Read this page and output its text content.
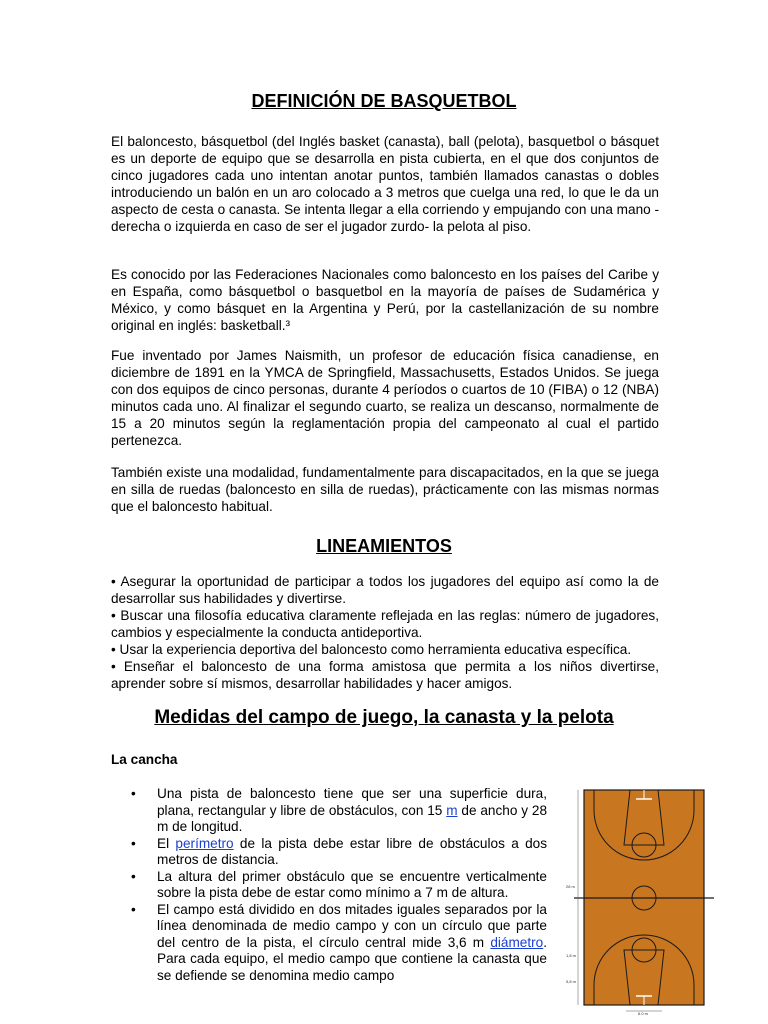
DEFINICIÓN DE BASQUETBOL

El baloncesto, básquetbol (del Inglés basket (canasta), ball (pelota), basquetbol o básquet es un deporte de equipo que se desarrolla en pista cubierta, en el que dos conjuntos de cinco jugadores cada uno intentan anotar puntos, también llamados canastas o dobles introduciendo un balón en un aro colocado a 3 metros que cuelga una red, lo que le da un aspecto de cesta o canasta. Se intenta llegar a ella corriendo y empujando con una mano -derecha o izquierda en caso de ser el jugador zurdo- la pelota al piso.

Es conocido por las Federaciones Nacionales como baloncesto en los países del Caribe y en España, como básquetbol o basquetbol en la mayoría de países de Sudamérica y México, y como básquet en la Argentina y Perú, por la castellanización de su nombre original en inglés: basketball.³

Fue inventado por James Naismith, un profesor de educación física canadiense, en diciembre de 1891 en la YMCA de Springfield, Massachusetts, Estados Unidos. Se juega con dos equipos de cinco personas, durante 4 períodos o cuartos de 10 (FIBA) o 12 (NBA) minutos cada uno. Al finalizar el segundo cuarto, se realiza un descanso, normalmente de 15 a 20 minutos según la reglamentación propia del campeonato al cual el partido pertenezca.

También existe una modalidad, fundamentalmente para discapacitados, en la que se juega en silla de ruedas (baloncesto en silla de ruedas), prácticamente con las mismas normas que el baloncesto habitual.

LINEAMIENTOS

• Asegurar la oportunidad de participar a todos los jugadores del equipo así como la de desarrollar sus habilidades y divertirse.
• Buscar una filosofía educativa claramente reflejada en las reglas: número de jugadores, cambios y especialmente la conducta antideportiva.
• Usar la experiencia deportiva del baloncesto como herramienta educativa específica.
• Enseñar el baloncesto de una forma amistosa que permita a los niños divertirse, aprender sobre sí mismos, desarrollar habilidades y hacer amigos.

Medidas del campo de juego, la canasta y la pelota
La cancha
• Una pista de baloncesto tiene que ser una superficie dura, plana, rectangular y libre de obstáculos, con 15 m de ancho y 28 m de longitud.
• El perímetro de la pista debe estar libre de obstáculos a dos metros de distancia.
• La altura del primer obstáculo que se encuentre verticalmente sobre la pista debe de estar como mínimo a 7 m de altura.
• El campo está dividido en dos mitades iguales separados por la línea denominada de medio campo y con un círculo que parte del centro de la pista, el círculo central mide 3,6 m diámetro. Para cada equipo, el medio campo que contiene la canasta que se defiende se denomina medio campo
28 m
1,8 m
5,8 m
6,0 m
